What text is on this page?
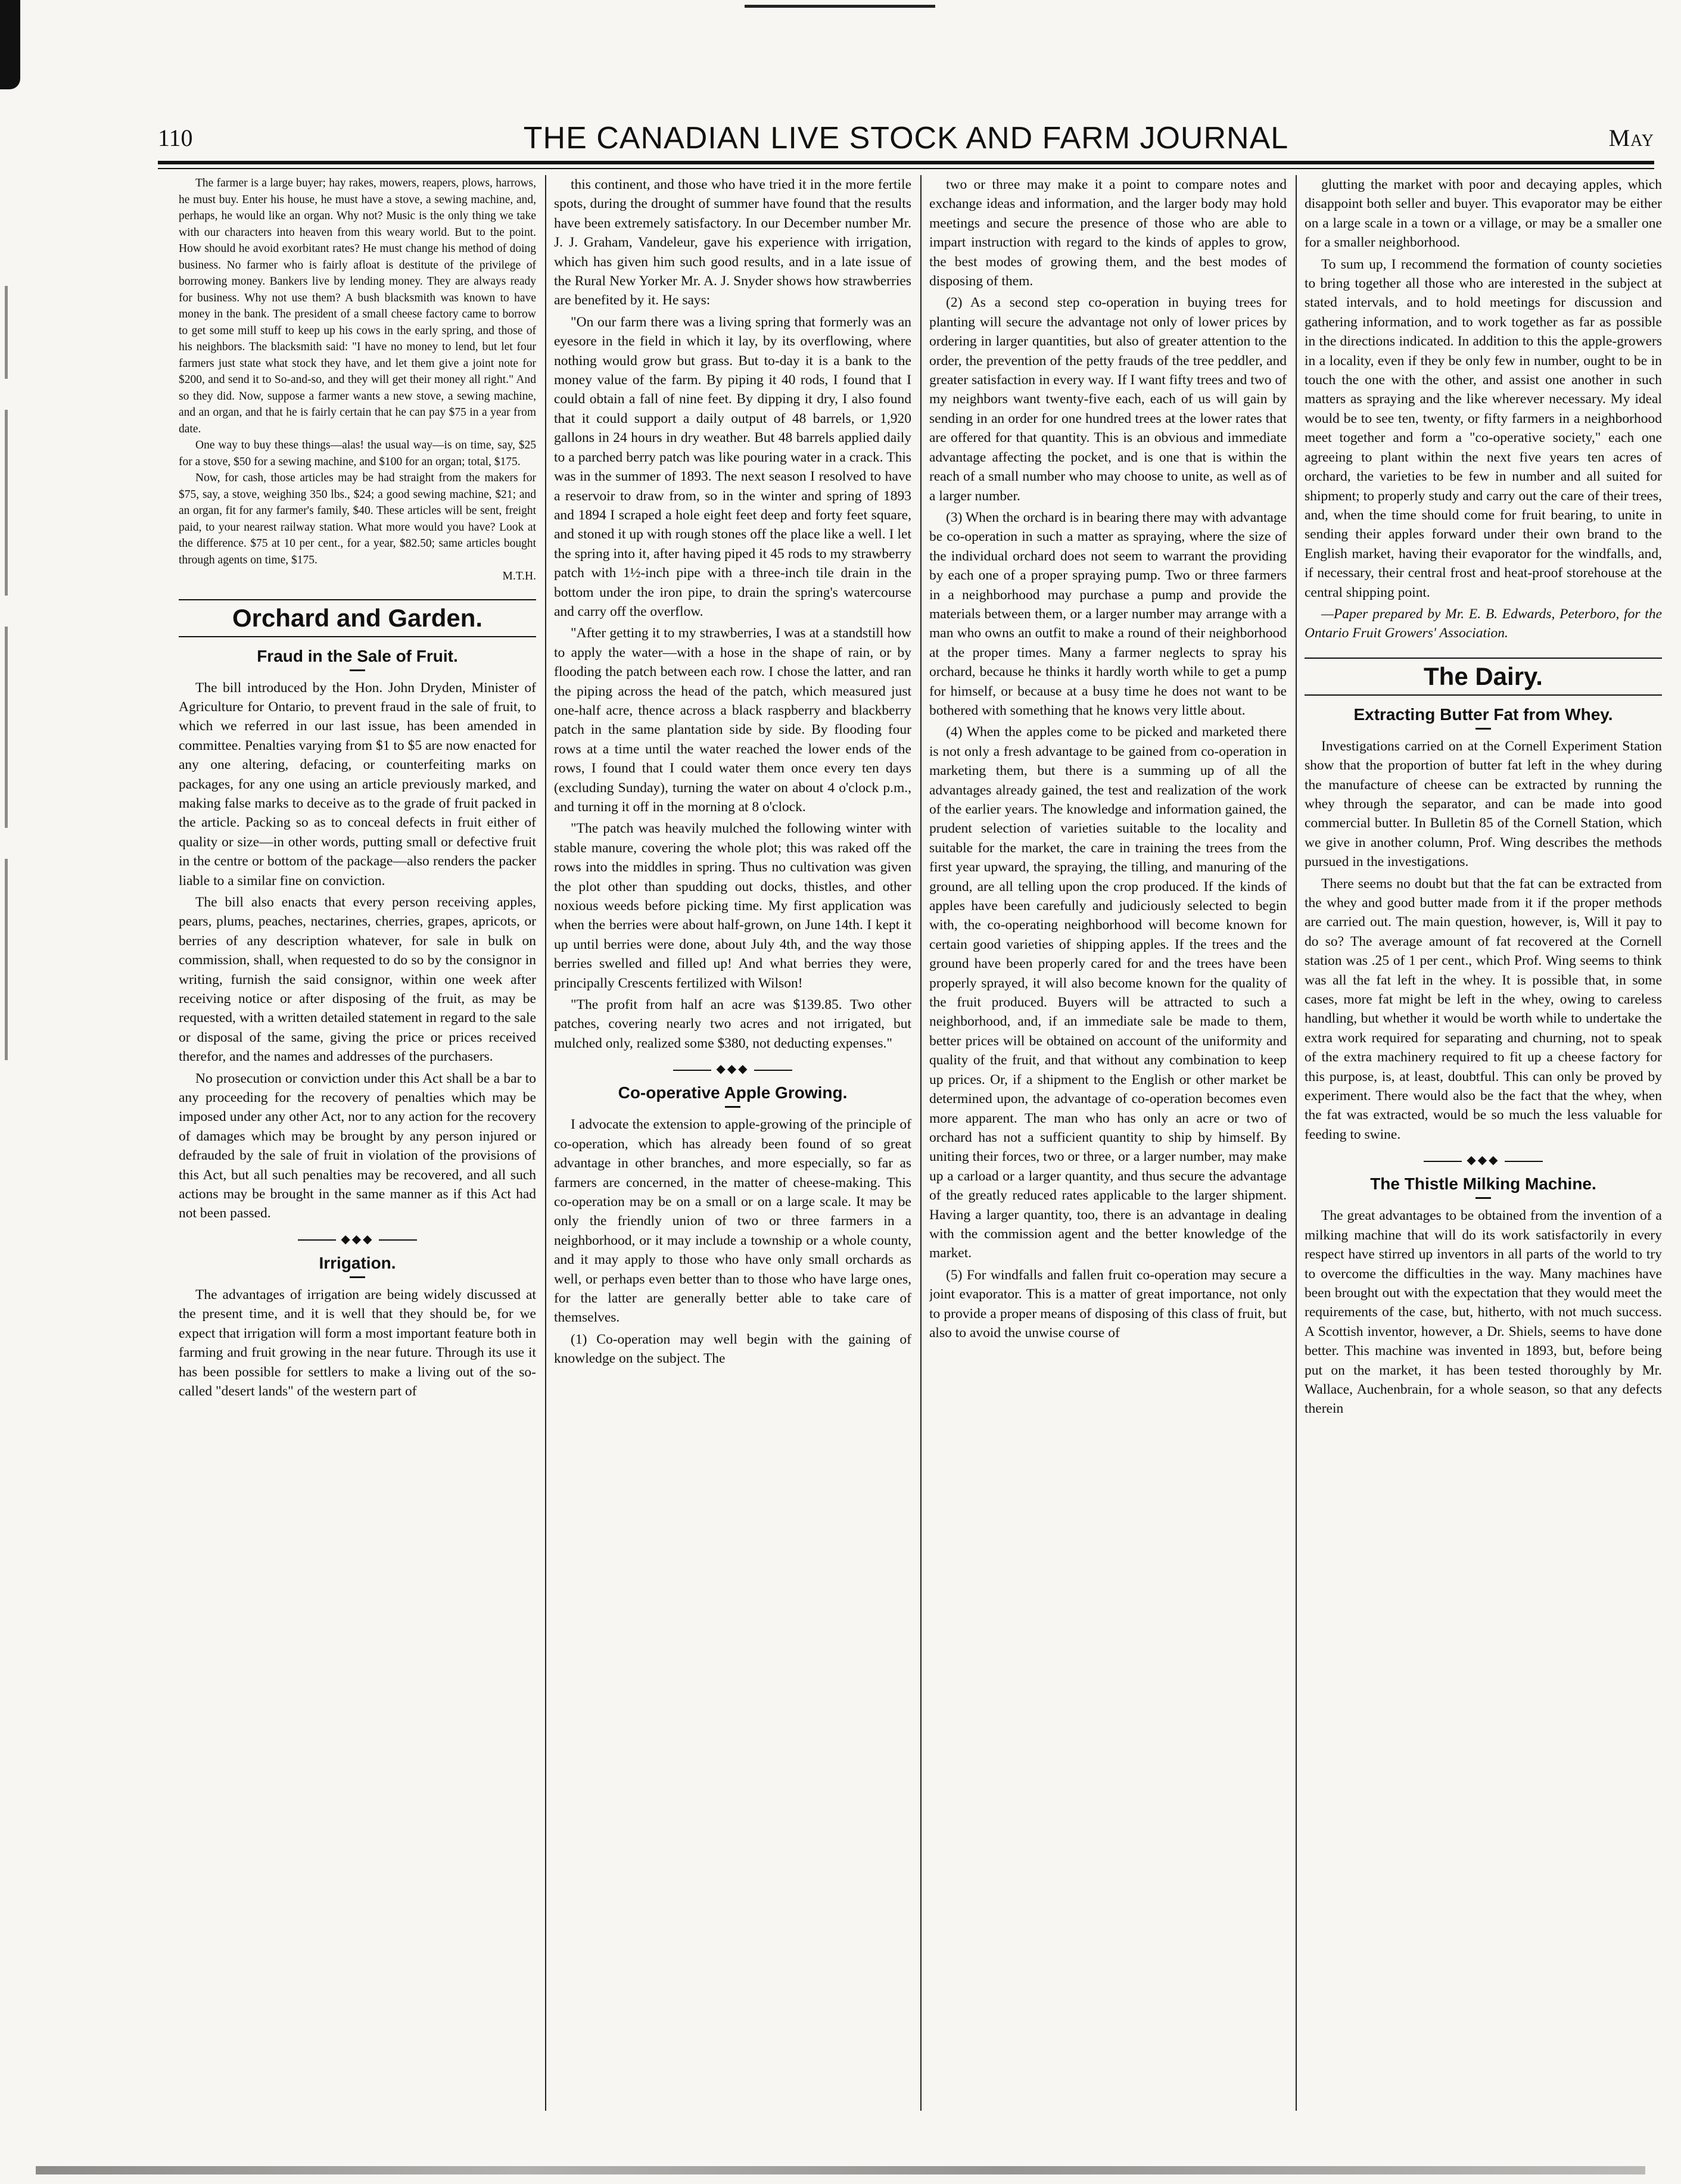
110	THE CANADIAN LIVE STOCK AND FARM JOURNAL	May

The farmer is a large buyer; hay rakes, mowers, reapers, plows, harrows, he must buy. Enter his house, he must have a stove, a sewing machine, and, perhaps, he would like an organ. Why not? Music is the only thing we take with our characters into heaven from this weary world. But to the point. How should he avoid exorbitant rates? He must change his method of doing business. No farmer who is fairly afloat is destitute of the privilege of borrowing money. Bankers live by lending money. They are always ready for business. Why not use them? A bush blacksmith was known to have money in the bank. The president of a small cheese factory came to borrow to get some mill stuff to keep up his cows in the early spring, and those of his neighbors. The blacksmith said: "I have no money to lend, but let four farmers just state what stock they have, and let them give a joint note for $200, and send it to So-and-so, and they will get their money all right." And so they did. Now, suppose a farmer wants a new stove, a sewing machine, and an organ, and that he is fairly certain that he can pay $75 in a year from date.

One way to buy these things—alas! the usual way—is on time, say, $25 for a stove, $50 for a sewing machine, and $100 for an organ; total, $175.

Now, for cash, those articles may be had straight from the makers for $75, say, a stove, weighing 350 lbs., $24; a good sewing machine, $21; and an organ, fit for any farmer's family, $40. These articles will be sent, freight paid, to your nearest railway station. What more would you have? Look at the difference. $75 at 10 per cent., for a year, $82.50; same articles bought through agents on time, $175.

M.T.H.

Orchard and Garden.
Fraud in the Sale of Fruit.

The bill introduced by the Hon. John Dryden, Minister of Agriculture for Ontario, to prevent fraud in the sale of fruit, to which we referred in our last issue, has been amended in committee. Penalties varying from $1 to $5 are now enacted for any one altering, defacing, or counterfeiting marks on packages, for any one using an article previously marked, and making false marks to deceive as to the grade of fruit packed in the article. Packing so as to conceal defects in fruit either of quality or size—in other words, putting small or defective fruit in the centre or bottom of the package—also renders the packer liable to a similar fine on conviction.

The bill also enacts that every person receiving apples, pears, plums, peaches, nectarines, cherries, grapes, apricots, or berries of any description whatever, for sale in bulk on commission, shall, when requested to do so by the consignor in writing, furnish the said consignor, within one week after receiving notice or after disposing of the fruit, as may be requested, with a written detailed statement in regard to the sale or disposal of the same, giving the price or prices received therefor, and the names and addresses of the purchasers.

No prosecution or conviction under this Act shall be a bar to any proceeding for the recovery of penalties which may be imposed under any other Act, nor to any action for the recovery of damages which may be brought by any person injured or defrauded by the sale of fruit in violation of the provisions of this Act, but all such penalties may be recovered, and all such actions may be brought in the same manner as if this Act had not been passed.

◆◆◆
Irrigation.

The advantages of irrigation are being widely discussed at the present time, and it is well that they should be, for we expect that irrigation will form a most important feature both in farming and fruit growing in the near future. Through its use it has been possible for settlers to make a living out of the so-called "desert lands" of the western part of

this continent, and those who have tried it in the more fertile spots, during the drought of summer have found that the results have been extremely satisfactory. In our December number Mr. J. J. Graham, Vandeleur, gave his experience with irrigation, which has given him such good results, and in a late issue of the Rural New Yorker Mr. A. J. Snyder shows how strawberries are benefited by it. He says:

"On our farm there was a living spring that formerly was an eyesore in the field in which it lay, by its overflowing, where nothing would grow but grass. But to-day it is a bank to the money value of the farm. By piping it 40 rods, I found that I could obtain a fall of nine feet. By dipping it dry, I also found that it could support a daily output of 48 barrels, or 1,920 gallons in 24 hours in dry weather. But 48 barrels applied daily to a parched berry patch was like pouring water in a crack. This was in the summer of 1893. The next season I resolved to have a reservoir to draw from, so in the winter and spring of 1893 and 1894 I scraped a hole eight feet deep and forty feet square, and stoned it up with rough stones off the place like a well. I let the spring into it, after having piped it 45 rods to my strawberry patch with 1½-inch pipe with a three-inch tile drain in the bottom under the iron pipe, to drain the spring's watercourse and carry off the overflow.

"After getting it to my strawberries, I was at a standstill how to apply the water—with a hose in the shape of rain, or by flooding the patch between each row. I chose the latter, and ran the piping across the head of the patch, which measured just one-half acre, thence across a black raspberry and blackberry patch in the same plantation side by side. By flooding four rows at a time until the water reached the lower ends of the rows, I found that I could water them once every ten days (excluding Sunday), turning the water on about 4 o'clock p.m., and turning it off in the morning at 8 o'clock.

"The patch was heavily mulched the following winter with stable manure, covering the whole plot; this was raked off the rows into the middles in spring. Thus no cultivation was given the plot other than spudding out docks, thistles, and other noxious weeds before picking time. My first application was when the berries were about half-grown, on June 14th. I kept it up until berries were done, about July 4th, and the way those berries swelled and filled up! And what berries they were, principally Crescents fertilized with Wilson!

"The profit from half an acre was $139.85. Two other patches, covering nearly two acres and not irrigated, but mulched only, realized some $380, not deducting expenses."

◆◆◆
Co-operative Apple Growing.

I advocate the extension to apple-growing of the principle of co-operation, which has already been found of so great advantage in other branches, and more especially, so far as farmers are concerned, in the matter of cheese-making. This co-operation may be on a small or on a large scale. It may be only the friendly union of two or three farmers in a neighborhood, or it may include a township or a whole county, and it may apply to those who have only small orchards as well, or perhaps even better than to those who have large ones, for the latter are generally better able to take care of themselves.

(1) Co-operation may well begin with the gaining of knowledge on the subject. The

two or three may make it a point to compare notes and exchange ideas and information, and the larger body may hold meetings and secure the presence of those who are able to impart instruction with regard to the kinds of apples to grow, the best modes of growing them, and the best modes of disposing of them.

(2) As a second step co-operation in buying trees for planting will secure the advantage not only of lower prices by ordering in larger quantities, but also of greater attention to the order, the prevention of the petty frauds of the tree peddler, and greater satisfaction in every way. If I want fifty trees and two of my neighbors want twenty-five each, each of us will gain by sending in an order for one hundred trees at the lower rates that are offered for that quantity. This is an obvious and immediate advantage affecting the pocket, and is one that is within the reach of a small number who may choose to unite, as well as of a larger number.

(3) When the orchard is in bearing there may with advantage be co-operation in such a matter as spraying, where the size of the individual orchard does not seem to warrant the providing by each one of a proper spraying pump. Two or three farmers in a neighborhood may purchase a pump and provide the materials between them, or a larger number may arrange with a man who owns an outfit to make a round of their neighborhood at the proper times. Many a farmer neglects to spray his orchard, because he thinks it hardly worth while to get a pump for himself, or because at a busy time he does not want to be bothered with something that he knows very little about.

(4) When the apples come to be picked and marketed there is not only a fresh advantage to be gained from co-operation in marketing them, but there is a summing up of all the advantages already gained, the test and realization of the work of the earlier years. The knowledge and information gained, the prudent selection of varieties suitable to the locality and suitable for the market, the care in training the trees from the first year upward, the spraying, the tilling, and manuring of the ground, are all telling upon the crop produced. If the kinds of apples have been carefully and judiciously selected to begin with, the co-operating neighborhood will become known for certain good varieties of shipping apples. If the trees and the ground have been properly cared for and the trees have been properly sprayed, it will also become known for the quality of the fruit produced. Buyers will be attracted to such a neighborhood, and, if an immediate sale be made to them, better prices will be obtained on account of the uniformity and quality of the fruit, and that without any combination to keep up prices. Or, if a shipment to the English or other market be determined upon, the advantage of co-operation becomes even more apparent. The man who has only an acre or two of orchard has not a sufficient quantity to ship by himself. By uniting their forces, two or three, or a larger number, may make up a carload or a larger quantity, and thus secure the advantage of the greatly reduced rates applicable to the larger shipment. Having a larger quantity, too, there is an advantage in dealing with the commission agent and the better knowledge of the market.

(5) For windfalls and fallen fruit co-operation may secure a joint evaporator. This is a matter of great importance, not only to provide a proper means of disposing of this class of fruit, but also to avoid the unwise course of

glutting the market with poor and decaying apples, which disappoint both seller and buyer. This evaporator may be either on a large scale in a town or a village, or may be a smaller one for a smaller neighborhood.

To sum up, I recommend the formation of county societies to bring together all those who are interested in the subject at stated intervals, and to hold meetings for discussion and gathering information, and to work together as far as possible in the directions indicated. In addition to this the apple-growers in a locality, even if they be only few in number, ought to be in touch the one with the other, and assist one another in such matters as spraying and the like wherever necessary. My ideal would be to see ten, twenty, or fifty farmers in a neighborhood meet together and form a "co-operative society," each one agreeing to plant within the next five years ten acres of orchard, the varieties to be few in number and all suited for shipment; to properly study and carry out the care of their trees, and, when the time should come for fruit bearing, to unite in sending their apples forward under their own brand to the English market, having their evaporator for the windfalls, and, if necessary, their central frost and heat-proof storehouse at the central shipping point.

—Paper prepared by Mr. E. B. Edwards, Peterboro, for the Ontario Fruit Growers' Association.

The Dairy.
Extracting Butter Fat from Whey.

Investigations carried on at the Cornell Experiment Station show that the proportion of butter fat left in the whey during the manufacture of cheese can be extracted by running the whey through the separator, and can be made into good commercial butter. In Bulletin 85 of the Cornell Station, which we give in another column, Prof. Wing describes the methods pursued in the investigations.

There seems no doubt but that the fat can be extracted from the whey and good butter made from it if the proper methods are carried out. The main question, however, is, Will it pay to do so? The average amount of fat recovered at the Cornell station was .25 of 1 per cent., which Prof. Wing seems to think was all the fat left in the whey. It is possible that, in some cases, more fat might be left in the whey, owing to careless handling, but whether it would be worth while to undertake the extra work required for separating and churning, not to speak of the extra machinery required to fit up a cheese factory for this purpose, is, at least, doubtful. This can only be proved by experiment. There would also be the fact that the whey, when the fat was extracted, would be so much the less valuable for feeding to swine.

◆◆◆
The Thistle Milking Machine.

The great advantages to be obtained from the invention of a milking machine that will do its work satisfactorily in every respect have stirred up inventors in all parts of the world to try to overcome the difficulties in the way. Many machines have been brought out with the expectation that they would meet the requirements of the case, but, hitherto, with not much success. A Scottish inventor, however, a Dr. Shiels, seems to have done better. This machine was invented in 1893, but, before being put on the market, it has been tested thoroughly by Mr. Wallace, Auchenbrain, for a whole season, so that any defects therein
